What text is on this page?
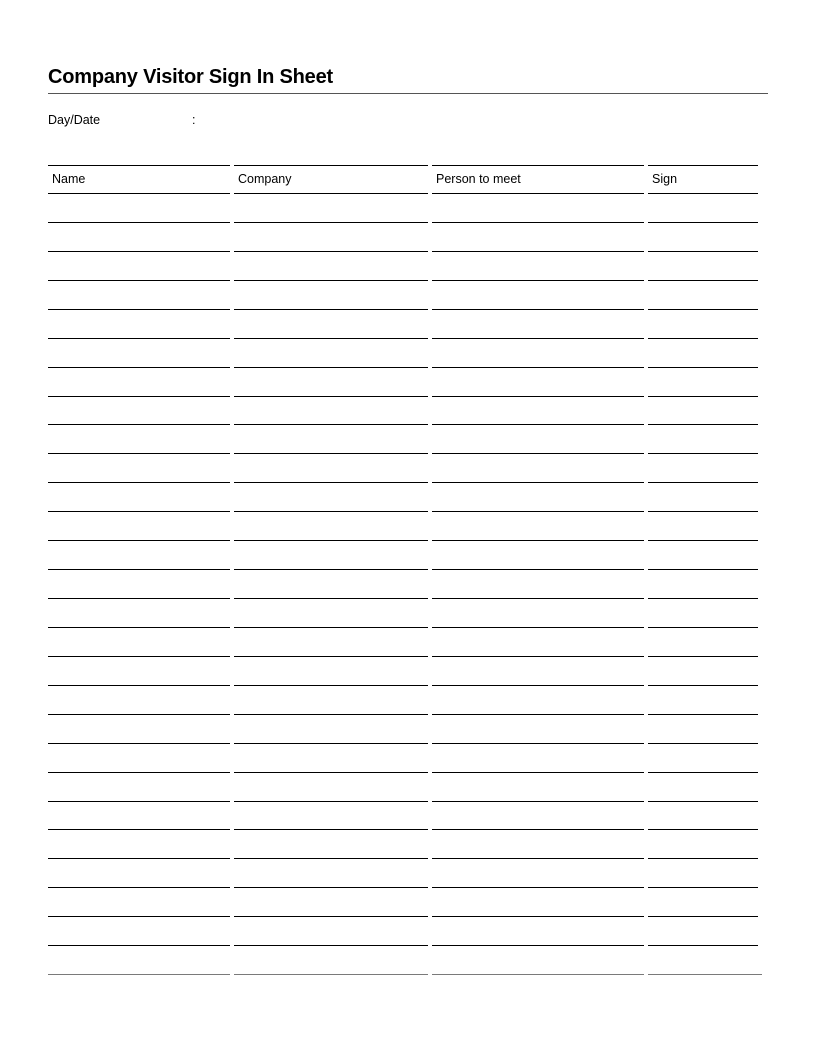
Company Visitor Sign In Sheet
Day/Date	:
Name	Company	Person to meet	Sign
